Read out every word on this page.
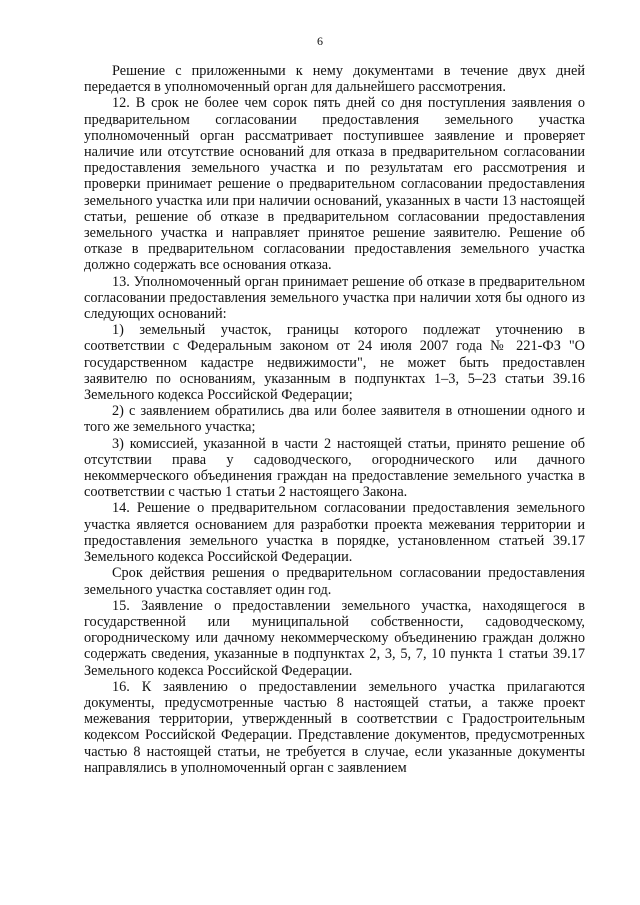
6

Решение с приложенными к нему документами в течение двух дней передается в уполномоченный орган для дальнейшего рассмотрения.

12. В срок не более чем сорок пять дней со дня поступления заявления о предварительном согласовании предоставления земельного участка уполномоченный орган рассматривает поступившее заявление и проверяет наличие или отсутствие оснований для отказа в предварительном согласовании предоставления земельного участка и по результатам его рассмотрения и проверки принимает решение о предварительном согласовании предоставления земельного участка или при наличии оснований, указанных в части 13 настоящей статьи, решение об отказе в предварительном согласовании предоставления земельного участка и направляет принятое решение заявителю. Решение об отказе в предварительном согласовании предоставления земельного участка должно содержать все основания отказа.

13. Уполномоченный орган принимает решение об отказе в предварительном согласовании предоставления земельного участка при наличии хотя бы одного из следующих оснований:

1) земельный участок, границы которого подлежат уточнению в соответствии с Федеральным законом от 24 июля 2007 года № 221-ФЗ "О государственном кадастре недвижимости", не может быть предоставлен заявителю по основаниям, указанным в подпунктах 1–3, 5–23 статьи 39.16 Земельного кодекса Российской Федерации;

2) с заявлением обратились два или более заявителя в отношении одного и того же земельного участка;

3) комиссией, указанной в части 2 настоящей статьи, принято решение об отсутствии права у садоводческого, огороднического или дачного некоммерческого объединения граждан на предоставление земельного участка в соответствии с частью 1 статьи 2 настоящего Закона.

14. Решение о предварительном согласовании предоставления земельного участка является основанием для разработки проекта межевания территории и предоставления земельного участка в порядке, установленном статьей 39.17 Земельного кодекса Российской Федерации.

Срок действия решения о предварительном согласовании предоставления земельного участка составляет один год.

15. Заявление о предоставлении земельного участка, находящегося в государственной или муниципальной собственности, садоводческому, огородническому или дачному некоммерческому объединению граждан должно содержать сведения, указанные в подпунктах 2, 3, 5, 7, 10 пункта 1 статьи 39.17 Земельного кодекса Российской Федерации.

16. К заявлению о предоставлении земельного участка прилагаются документы, предусмотренные частью 8 настоящей статьи, а также проект межевания территории, утвержденный в соответствии с Градостроительным кодексом Российской Федерации. Представление документов, предусмотренных частью 8 настоящей статьи, не требуется в случае, если указанные документы направлялись в уполномоченный орган с заявлением
